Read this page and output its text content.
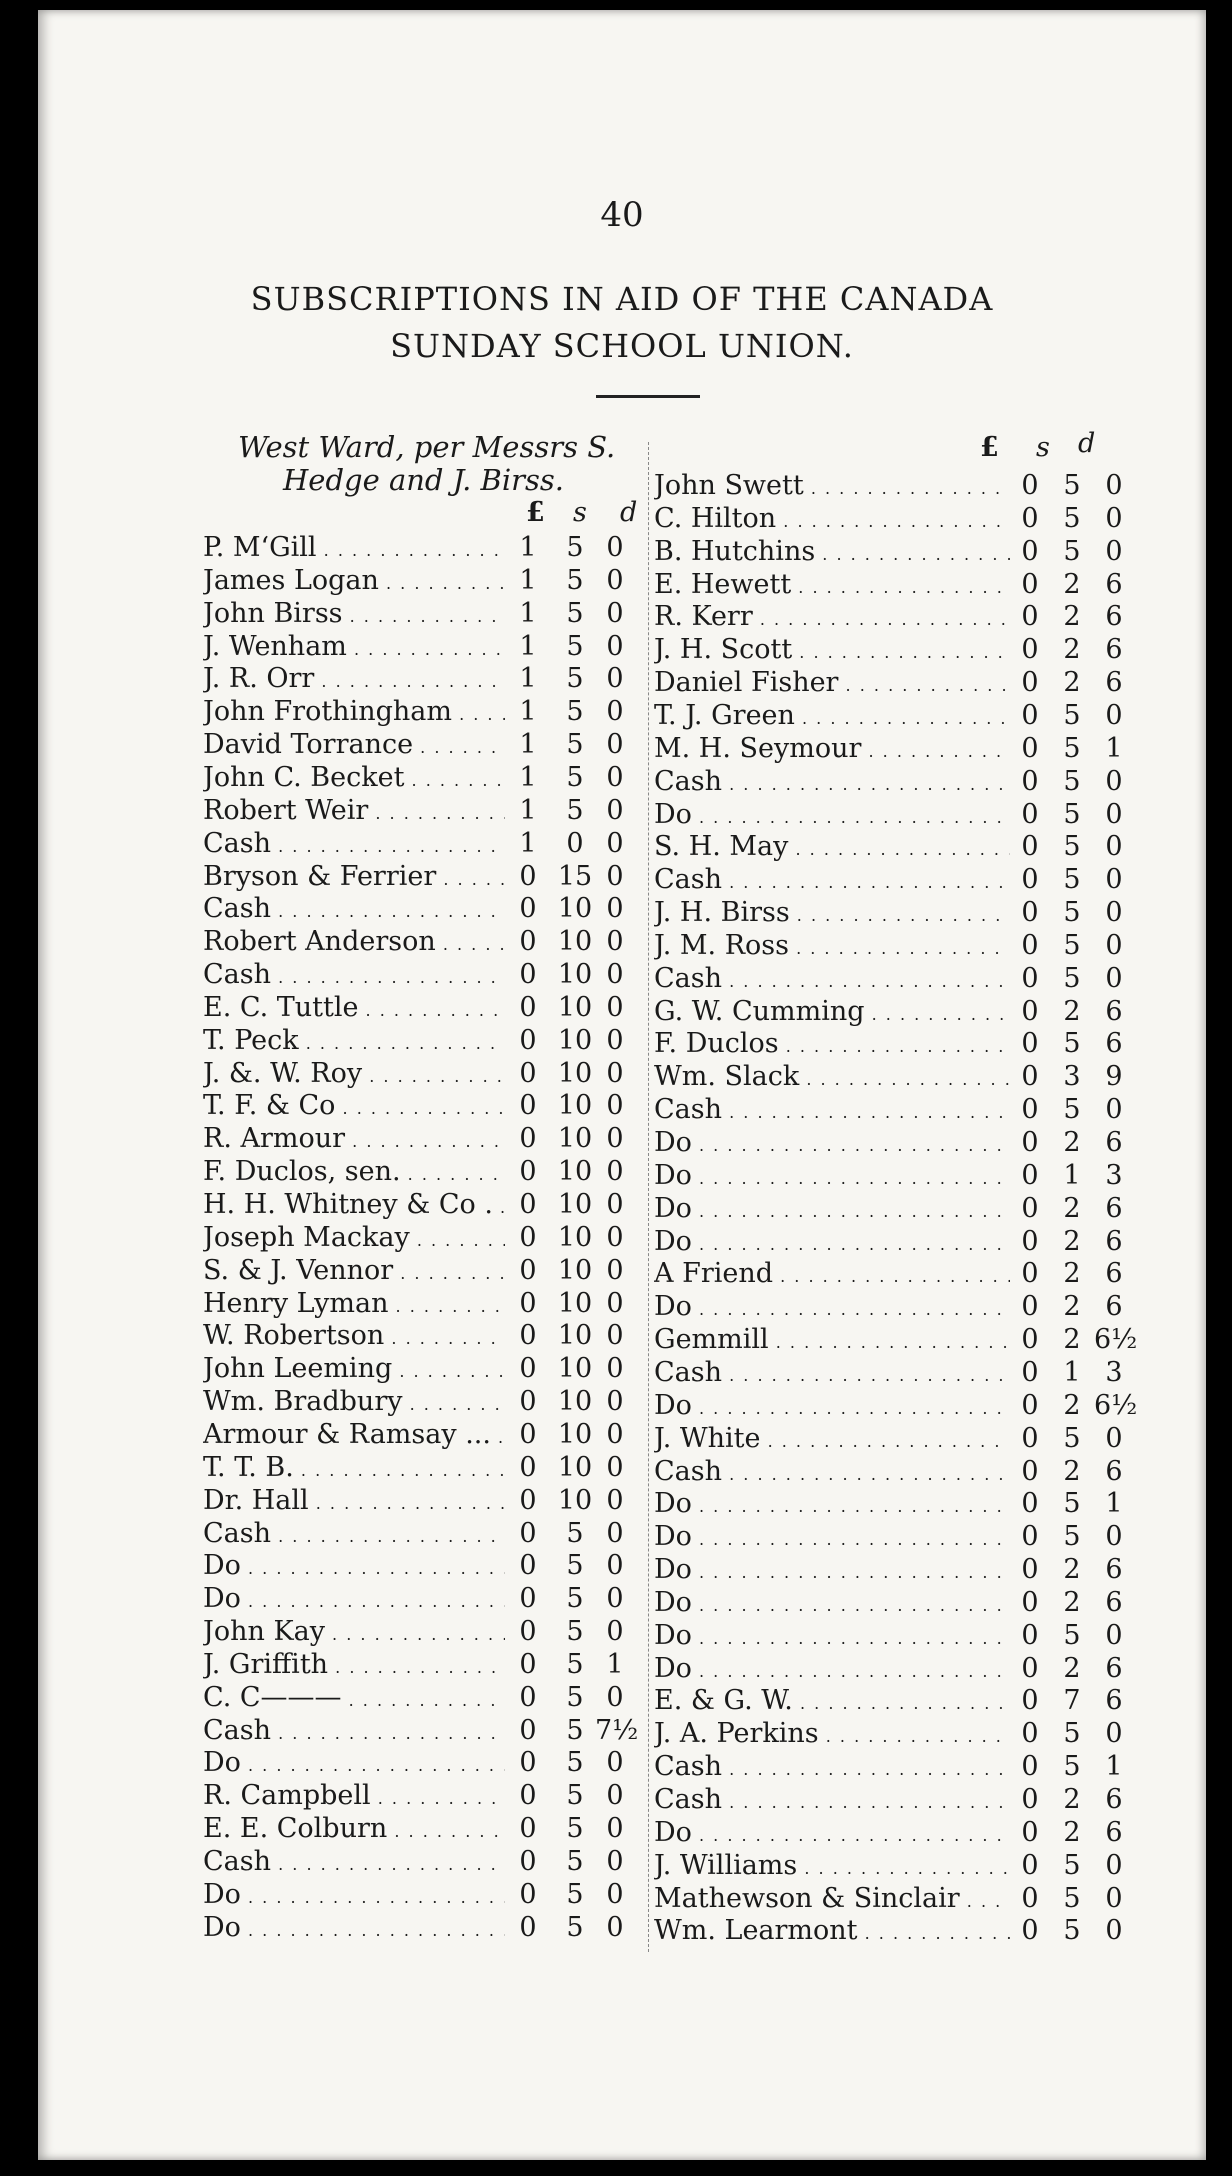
40
SUBSCRIPTIONS IN AID OF THE CANADA
SUNDAY SCHOOL UNION.
West Ward, per Messrs S.
Hedge and J. Birss.
£ s d
£ s d
P. M‘Gill . . .	1	5 0
James Logan . . .	1	5 0
John Birss . . .	1	5 0
J. Wenham . . .	1	5 0
J. R. Orr . . .	1	5 0
John Frothingham . . .	1	5 0
David Torrance . . .	1	5 0
John C. Becket . . .	1	5 0
Robert Weir . . .	1	5 0
Cash . . .	1	0 0
Bryson & Ferrier . . .	0 15 0
Cash . . .	0 10 0
Robert Anderson . . .	0 10 0
Cash . . .	0 10 0
E. C. Tuttle . . .	0 10 0
T. Peck . . .	0 10 0
J. &. W. Roy . . .	0 10 0
T. F. & Co . . .	0 10 0
R. Armour . . .	0 10 0
F. Duclos, sen. . . .	0 10 0
H. H. Whitney & Co . . . . 0 10 0
Joseph Mackay . . .	0 10 0
S. & J. Vennor . . .	0 10 0
Henry Lyman . . .	0 10 0
W. Robertson . . .	0 10 0
John Leeming . . .	0 10 0
Wm. Bradbury . . .	0 10 0
Armour & Ramsay ... . . .	0 10 0
T. T. B. . . .	0 10 0
Dr. Hall . . .	0 10 0
Cash . . .	0	5 0
Do . . .	0	5 0
Do . . .	0	5 0
John Kay . . .	0	5 0
J. Griffith . . .	0	5 1
C. C——— . . .	0	5 0
Cash . . .	0	5 7½
Do . . .	0	5 0
R. Campbell . . .	0	5 0
E. E. Colburn . . .	0	5 0
Cash . . .	0	5 0
Do . . .	0	5 0
Do . . .	0	5 0
John Swett . . .	0 5 0
C. Hilton . . .	0 5 0
B. Hutchins . . .	0 5 0
E. Hewett . . .	0 2 6
R. Kerr . . .	0 2 6
J. H. Scott . . .	0 2 6
Daniel Fisher . . .	0 2 6
T. J. Green . . .	0 5 0
M. H. Seymour . . .	0 5 1
Cash . . .	0 5 0
Do . . .	0 5 0
S. H. May . . .	0 5 0
Cash . . .	0 5 0
J. H. Birss . . .	0 5 0
J. M. Ross . . .	0 5 0
Cash . . .	0 5 0
G. W. Cumming . . .	0 2 6
F. Duclos . . .	0 5 6
Wm. Slack . . .	0 3 9
Cash . . .	0 5 0
Do . . .	0 2 6
Do . . .	0 1 3
Do . . .	0 2 6
Do . . .	0 2 6
A Friend . . .	0 2 6
Do . . .	0 2 6
Gemmill . . .	0 2 6½
Cash . . .	0 1 3
Do . . .	0 2 6½
J. White . . .	0 5 0
Cash . . .	0 2 6
Do . . .	0 5 1
Do . . .	0 5 0
Do . . .	0 2 6
Do . . .	0 2 6
Do . . .	0 5 0
Do . . .	0 2 6
E. & G. W. . . .	0 7 6
J. A. Perkins . . .	0 5 0
Cash . . .	0 5 1
Cash . . .	0 2 6
Do . . .	0 2 6
J. Williams . . .	0 5 0
Mathewson & Sinclair . . .	0 5 0
Wm. Learmont . . .	0 5 0
